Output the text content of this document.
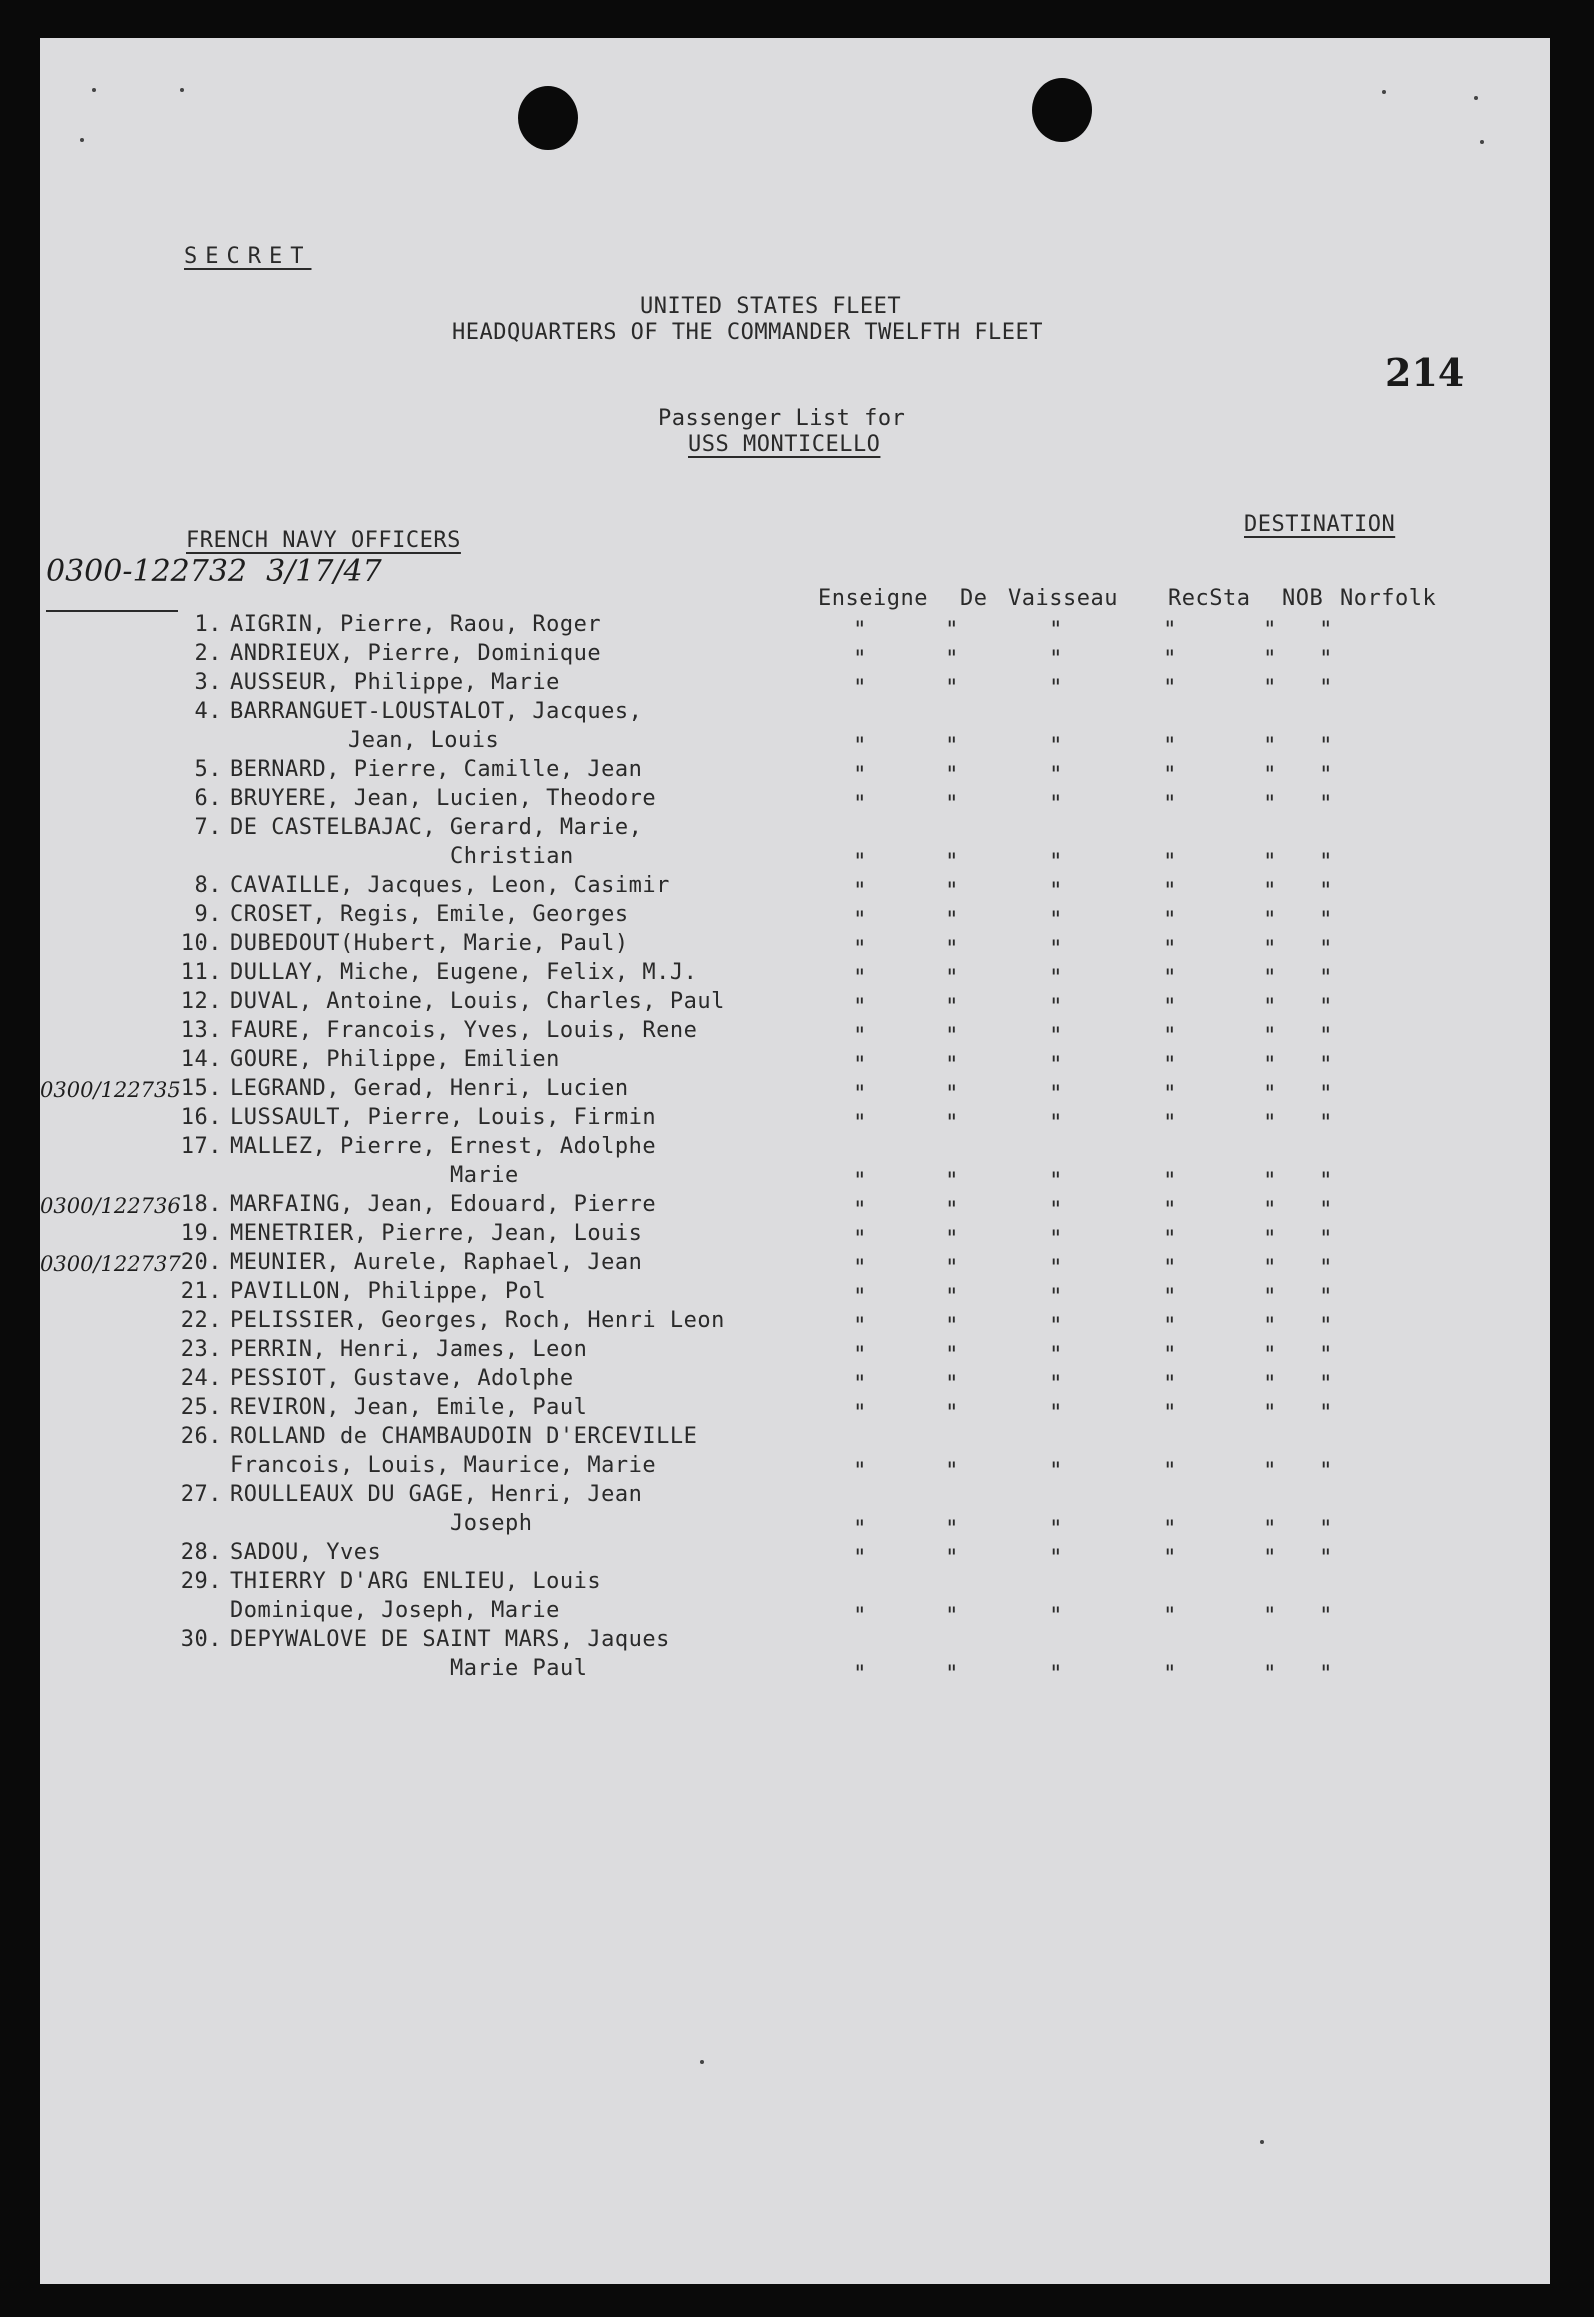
SECRET
UNITED STATES FLEET
HEADQUARTERS OF THE COMMANDER TWELFTH FLEET
214
Passenger List for
USS MONTICELLO
DESTINATION
FRENCH NAVY OFFICERS
0300-122732  3/17/47
Enseigne De Vaisseau RecSta NOB Norfolk
1. AIGRIN, Pierre, Raou, Roger	"	"	"	"	"	"
2. ANDRIEUX, Pierre, Dominique	"	"	"	"	"	"
3. AUSSEUR, Philippe, Marie	"	"	"	"	"	"
4. BARRANGUET-LOUSTALOT, Jacques,
Jean, Louis	"	"	"	"	"	"
5. BERNARD, Pierre, Camille, Jean	"	"	"	"	"	"
6. BRUYERE, Jean, Lucien, Theodore	"	"	"	"	"	"
7. DE CASTELBAJAC, Gerard, Marie,
Christian	"	"	"	"	"	"
8. CAVAILLE, Jacques, Leon, Casimir	"	"	"	"	"	"
9. CROSET, Regis, Emile, Georges	"	"	"	"	"	"
10. DUBEDOUT(Hubert, Marie, Paul)	"	"	"	"	"	"
11. DULLAY, Miche, Eugene, Felix, M.J.	"	"	"	"	"	"
12. DUVAL, Antoine, Louis, Charles, Paul	"	"	"	"	"	"
13. FAURE, Francois, Yves, Louis, Rene	"	"	"	"	"	"
14. GOURE, Philippe, Emilien	"	"	"	"	"	"
0300/122735 15. LEGRAND, Gerad, Henri, Lucien	"	"	"	"	"	"
16. LUSSAULT, Pierre, Louis, Firmin	"	"	"	"	"	"
17. MALLEZ, Pierre, Ernest, Adolphe
Marie	"	"	"	"	"	"
0300/122736 18. MARFAING, Jean, Edouard, Pierre	"	"	"	"	"	"
19. MENETRIER, Pierre, Jean, Louis	"	"	"	"	"	"
0300/122737 20. MEUNIER, Aurele, Raphael, Jean	"	"	"	"	"	"
21. PAVILLON, Philippe, Pol	"	"	"	"	"	"
22. PELISSIER, Georges, Roch, Henri Leon	"	"	"	"	"	"
23. PERRIN, Henri, James, Leon	"	"	"	"	"	"
24. PESSIOT, Gustave, Adolphe	"	"	"	"	"	"
25. REVIRON, Jean, Emile, Paul	"	"	"	"	"	"
26. ROLLAND de CHAMBAUDOIN D'ERCEVILLE
Francois, Louis, Maurice, Marie	"	"	"	"	"	"
27. ROULLEAUX DU GAGE, Henri, Jean
Joseph	"	"	"	"	"	"
28. SADOU, Yves	"	"	"	"	"	"
29. THIERRY D'ARG ENLIEU, Louis
Dominique, Joseph, Marie	"	"	"	"	"	"
30. DEPYWALOVE DE SAINT MARS, Jaques
Marie Paul	"	"	"	"	"	"
